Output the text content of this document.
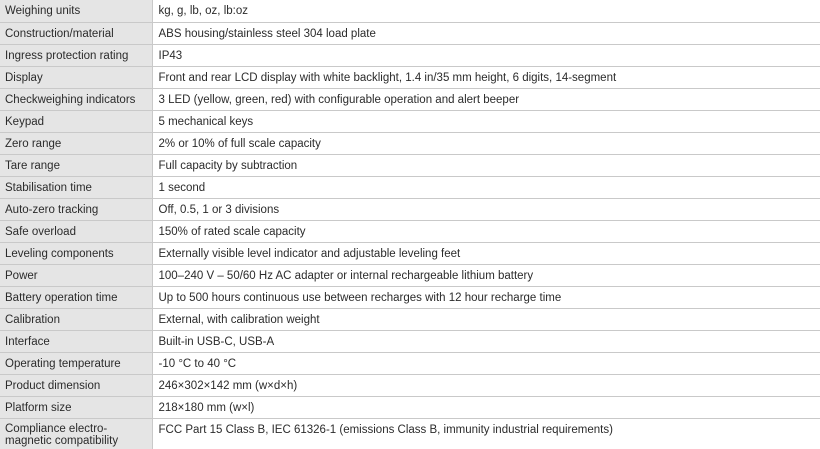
Weighing units	kg, g, lb, oz, lb:oz
Construction/material	ABS housing/stainless steel 304 load plate
Ingress protection rating	IP43
Display	Front and rear LCD display with white backlight, 1.4 in/35 mm height, 6 digits, 14-segment
Checkweighing indicators	3 LED (yellow, green, red) with configurable operation and alert beeper
Keypad	5 mechanical keys
Zero range	2% or 10% of full scale capacity
Tare range	Full capacity by subtraction
Stabilisation time	1 second
Auto-zero tracking	Off, 0.5, 1 or 3 divisions
Safe overload	150% of rated scale capacity
Leveling components	Externally visible level indicator and adjustable leveling feet
Power	100–240 V – 50/60 Hz AC adapter or internal rechargeable lithium battery
Battery operation time	Up to 500 hours continuous use between recharges with 12 hour recharge time
Calibration	External, with calibration weight
Interface	Built-in USB-C, USB-A
Operating temperature	-10 °C to 40 °C
Product dimension	246×302×142 mm (w×d×h)
Platform size	218×180 mm (w×l)
Compliance electro-magnetic compatibility	FCC Part 15 Class B, IEC 61326-1 (emissions Class B, immunity industrial requirements)
